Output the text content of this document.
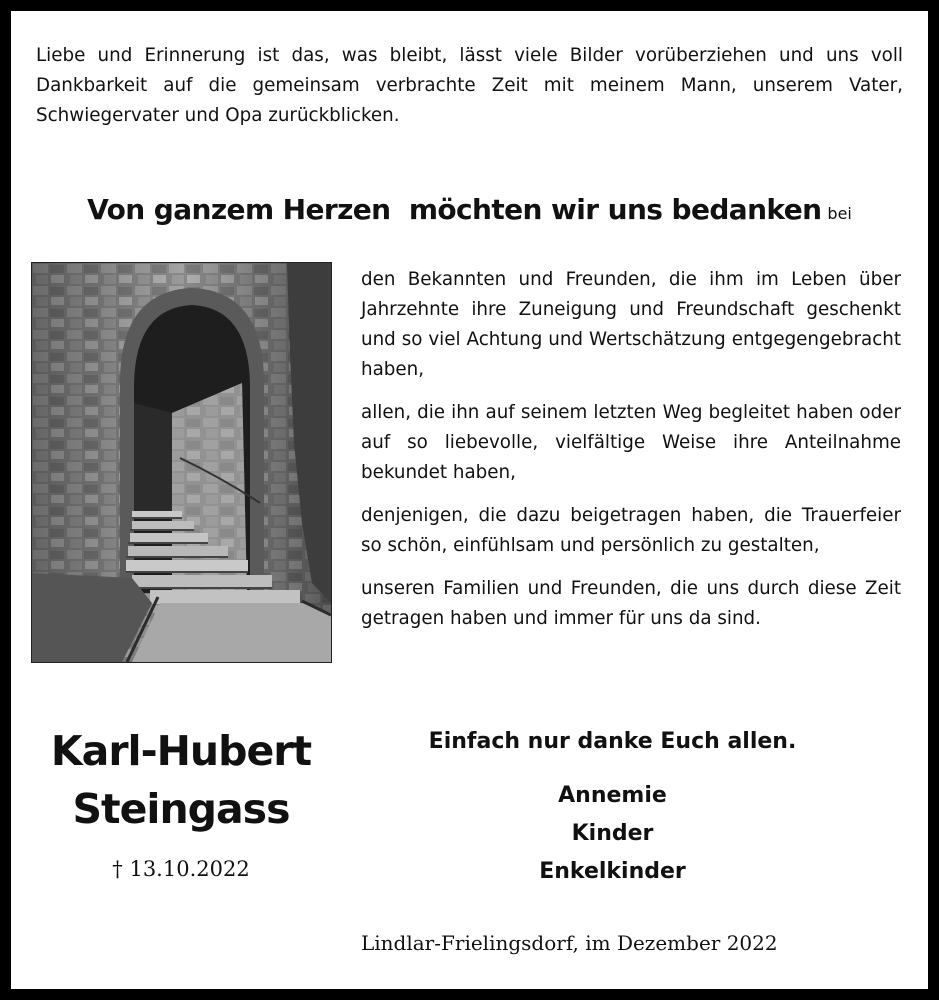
Liebe und Erinnerung ist das, was bleibt, lässt viele Bilder vorüberziehen und uns voll Dankbarkeit auf die gemeinsam verbrachte Zeit mit meinem Mann, unserem Vater, Schwiegervater und Opa zurückblicken.
Von ganzem Herzen  möchten wir uns bedanken bei

den Bekannten und Freunden, die ihm im Leben über Jahrzehnte ihre Zuneigung und Freundschaft geschenkt und so viel Achtung und Wertschätzung entgegengebracht haben,

allen, die ihn auf seinem letzten Weg begleitet haben oder auf so liebevolle, vielfältige Weise ihre Anteilnahme bekundet haben,

denjenigen, die dazu beigetragen haben, die Trauerfeier so schön, einfühlsam und persönlich zu gestalten,

unseren Familien und Freunden, die uns durch diese Zeit getragen haben und immer für uns da sind.

Karl-Hubert
Steingass
† 13.10.2022
Einfach nur danke Euch allen.
Annemie
Kinder
Enkelkinder
Lindlar-Frielingsdorf, im Dezember 2022
